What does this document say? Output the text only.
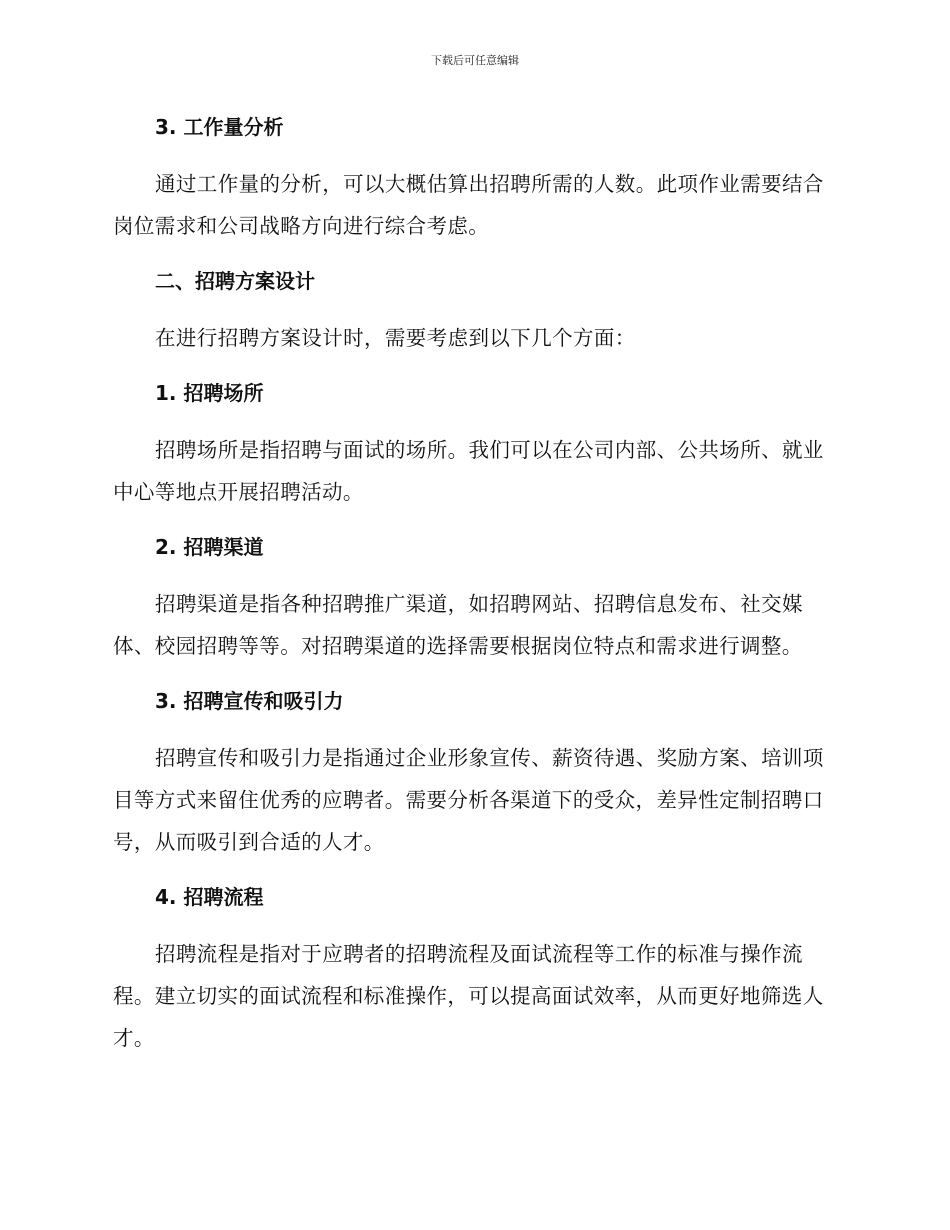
下载后可任意编辑
3. 工作量分析
通过工作量的分析，可以大概估算出招聘所需的人数。此项作业需要结合岗位需求和公司战略方向进行综合考虑。
二、招聘方案设计
在进行招聘方案设计时，需要考虑到以下几个方面：
1. 招聘场所
招聘场所是指招聘与面试的场所。我们可以在公司内部、公共场所、就业中心等地点开展招聘活动。
2. 招聘渠道
招聘渠道是指各种招聘推广渠道，如招聘网站、招聘信息发布、社交媒体、校园招聘等等。对招聘渠道的选择需要根据岗位特点和需求进行调整。
3. 招聘宣传和吸引力
招聘宣传和吸引力是指通过企业形象宣传、薪资待遇、奖励方案、培训项目等方式来留住优秀的应聘者。需要分析各渠道下的受众，差异性定制招聘口号，从而吸引到合适的人才。
4. 招聘流程
招聘流程是指对于应聘者的招聘流程及面试流程等工作的标准与操作流程。建立切实的面试流程和标准操作，可以提高面试效率，从而更好地筛选人才。
